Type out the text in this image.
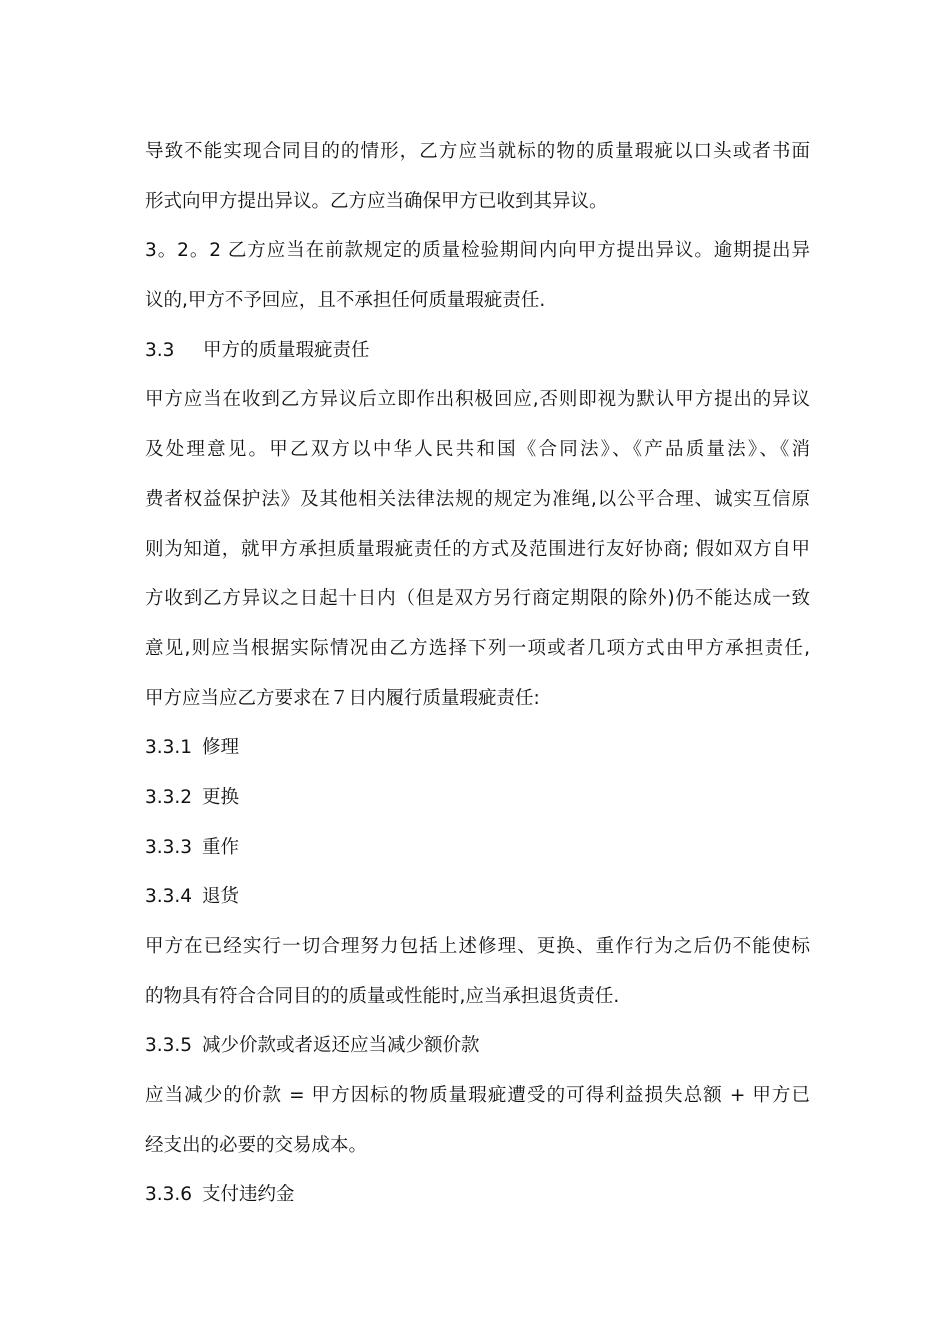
导致不能实现合同目的的情形，乙方应当就标的物的质量瑕疵以口头或者书面
形式向甲方提出异议。乙方应当确保甲方已收到其异议。
3。2。2 乙方应当在前款规定的质量检验期间内向甲方提出异议。逾期提出异
议的,甲方不予回应，且不承担任何质量瑕疵责任.
3.3 甲方的质量瑕疵责任
甲方应当在收到乙方异议后立即作出积极回应,否则即视为默认甲方提出的异议
及处理意见。甲乙双方以中华人民共和国《合同法》、《产品质量法》、《消
费者权益保护法》及其他相关法律法规的规定为准绳,以公平合理、诚实互信原
则为知道，就甲方承担质量瑕疵责任的方式及范围进行友好协商; 假如双方自甲
方收到乙方异议之日起十日内（但是双方另行商定期限的除外)仍不能达成一致
意见,则应当根据实际情况由乙方选择下列一项或者几项方式由甲方承担责任,
甲方应当应乙方要求在７日内履行质量瑕疵责任:
3.3.1 修理
3.3.2 更换
3.3.3 重作
3.3.4 退货
甲方在已经实行一切合理努力包括上述修理、更换、重作行为之后仍不能使标
的物具有符合合同目的的质量或性能时,应当承担退货责任.
3.3.5 减少价款或者返还应当减少额价款
应当减少的价款 = 甲方因标的物质量瑕疵遭受的可得利益损失总额 + 甲方已
经支出的必要的交易成本。
3.3.6 支付违约金
